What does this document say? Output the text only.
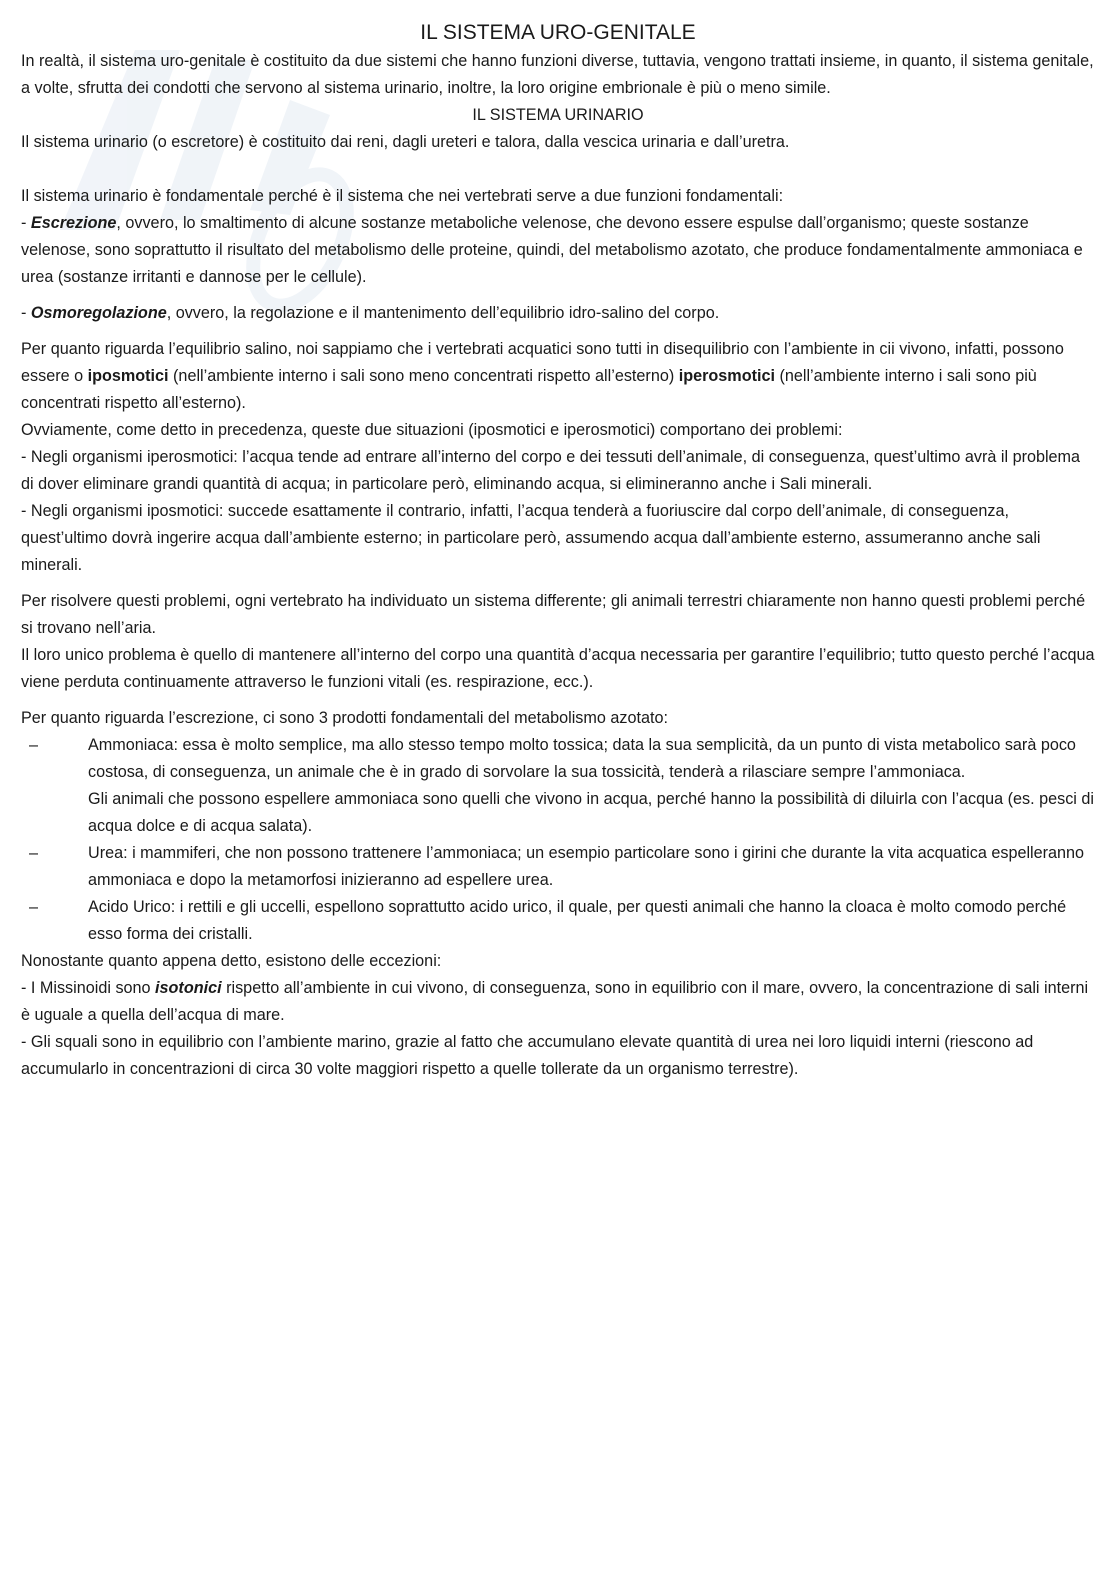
IL SISTEMA URO-GENITALE

In realtà, il sistema uro-genitale è costituito da due sistemi che hanno funzioni diverse, tuttavia, vengono trattati insieme, in quanto, il sistema genitale, a volte, sfrutta dei condotti che servono al sistema urinario, inoltre, la loro origine embrionale è più o meno simile.

IL SISTEMA URINARIO

Il sistema urinario (o escretore) è costituito dai reni, dagli ureteri e talora, dalla vescica urinaria e dall’uretra.

Il sistema urinario è fondamentale perché è il sistema che nei vertebrati serve a due funzioni fondamentali:

- Escrezione, ovvero, lo smaltimento di alcune sostanze metaboliche velenose, che devono essere espulse dall’organismo; queste sostanze velenose, sono soprattutto il risultato del metabolismo delle proteine, quindi, del metabolismo azotato, che produce fondamentalmente ammoniaca e urea (sostanze irritanti e dannose per le cellule).

- Osmoregolazione, ovvero, la regolazione e il mantenimento dell’equilibrio idro-salino del corpo.

Per quanto riguarda l’equilibrio salino, noi sappiamo che i vertebrati acquatici sono tutti in disequilibrio con l’ambiente in cii vivono, infatti, possono essere o iposmotici (nell’ambiente interno i sali sono meno concentrati rispetto all’esterno) iperosmotici (nell’ambiente interno i sali sono più concentrati rispetto all’esterno).

Ovviamente, come detto in precedenza, queste due situazioni (iposmotici e iperosmotici) comportano dei problemi:

- Negli organismi iperosmotici: l’acqua tende ad entrare all’interno del corpo e dei tessuti dell’animale, di conseguenza, quest’ultimo avrà il problema di dover eliminare grandi quantità di acqua; in particolare però, eliminando acqua, si elimineranno anche i Sali minerali.

- Negli organismi iposmotici: succede esattamente il contrario, infatti, l’acqua tenderà a fuoriuscire dal corpo dell’animale, di conseguenza, quest’ultimo dovrà ingerire acqua dall’ambiente esterno; in particolare però, assumendo acqua dall’ambiente esterno, assumeranno anche sali minerali.

Per risolvere questi problemi, ogni vertebrato ha individuato un sistema differente; gli animali terrestri chiaramente non hanno questi problemi perché si trovano nell’aria.

Il loro unico problema è quello di mantenere all’interno del corpo una quantità d’acqua necessaria per garantire l’equilibrio; tutto questo perché l’acqua viene perduta continuamente attraverso le funzioni vitali (es. respirazione, ecc.).

Per quanto riguarda l’escrezione, ci sono 3 prodotti fondamentali del metabolismo azotato:

–	Ammoniaca: essa è molto semplice, ma allo stesso tempo molto tossica; data la sua semplicità, da un punto di vista metabolico sarà poco costosa, di conseguenza, un animale che è in grado di sorvolare la sua tossicità, tenderà a rilasciare sempre l’ammoniaca.
Gli animali che possono espellere ammoniaca sono quelli che vivono in acqua, perché hanno la possibilità di diluirla con l’acqua (es. pesci di acqua dolce e di acqua salata).
–	Urea: i mammiferi, che non possono trattenere l’ammoniaca; un esempio particolare sono i girini che durante la vita acquatica espelleranno ammoniaca e dopo la metamorfosi inizieranno ad espellere urea.
–	Acido Urico: i rettili e gli uccelli, espellono soprattutto acido urico, il quale, per questi animali che hanno la cloaca è molto comodo perché esso forma dei cristalli.

Nonostante quanto appena detto, esistono delle eccezioni:

- I Missinoidi sono isotonici rispetto all’ambiente in cui vivono, di conseguenza, sono in equilibrio con il mare, ovvero, la concentrazione di sali interni è uguale a quella dell’acqua di mare.

- Gli squali sono in equilibrio con l’ambiente marino, grazie al fatto che accumulano elevate quantità di urea nei loro liquidi interni (riescono ad accumularlo in concentrazioni di circa 30 volte maggiori rispetto a quelle tollerate da un organismo terrestre).
